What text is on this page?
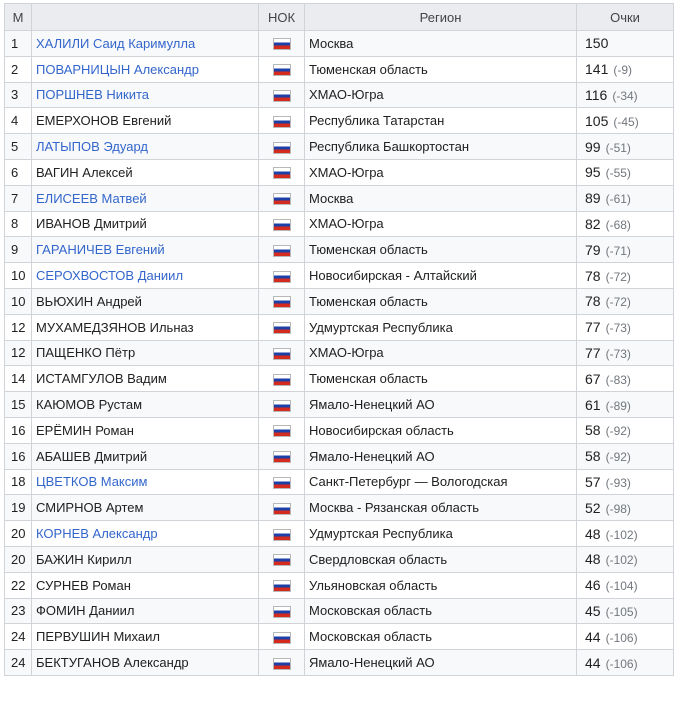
М		НОК	Регион	Очки
1	ХАЛИЛИ Саид Каримулла		Москва	150
2	ПОВАРНИЦЫН Александр		Тюменская область	141 (-9)
3	ПОРШНЕВ Никита		ХМАО-Югра	116 (-34)
4	ЕМЕРХОНОВ Евгений		Республика Татарстан	105 (-45)
5	ЛАТЫПОВ Эдуард		Республика Башкортостан	99 (-51)
6	ВАГИН Алексей		ХМАО-Югра	95 (-55)
7	ЕЛИСЕЕВ Матвей		Москва	89 (-61)
8	ИВАНОВ Дмитрий		ХМАО-Югра	82 (-68)
9	ГАРАНИЧЕВ Евгений		Тюменская область	79 (-71)
10	СЕРОХВОСТОВ Даниил		Новосибирская - Алтайский	78 (-72)
10	ВЬЮХИН Андрей		Тюменская область	78 (-72)
12	МУХАМЕДЗЯНОВ Ильназ		Удмуртская Республика	77 (-73)
12	ПАЩЕНКО Пётр		ХМАО-Югра	77 (-73)
14	ИСТАМГУЛОВ Вадим		Тюменская область	67 (-83)
15	КАЮМОВ Рустам		Ямало-Ненецкий АО	61 (-89)
16	ЕРЁМИН Роман		Новосибирская область	58 (-92)
16	АБАШЕВ Дмитрий		Ямало-Ненецкий АО	58 (-92)
18	ЦВЕТКОВ Максим		Санкт-Петербург — Вологодская	57 (-93)
19	СМИРНОВ Артем		Москва - Рязанская область	52 (-98)
20	КОРНЕВ Александр		Удмуртская Республика	48 (-102)
20	БАЖИН Кирилл		Свердловская область	48 (-102)
22	СУРНЕВ Роман		Ульяновская область	46 (-104)
23	ФОМИН Даниил		Московская область	45 (-105)
24	ПЕРВУШИН Михаил		Московская область	44 (-106)
24	БЕКТУГАНОВ Александр		Ямало-Ненецкий АО	44 (-106)
